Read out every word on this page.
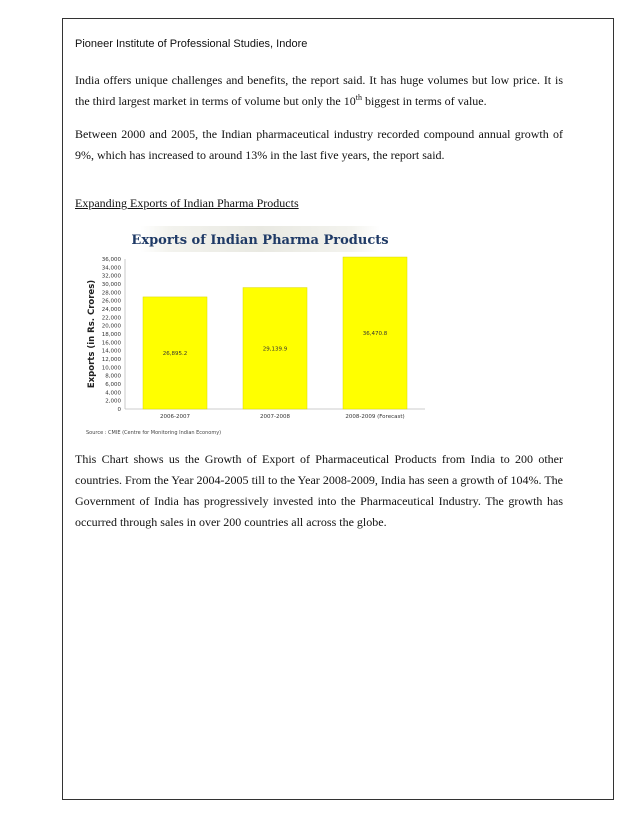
Pioneer Institute of Professional Studies, Indore

India offers unique challenges and benefits, the report said. It has huge volumes but low price. It is the third largest market in terms of volume but only the 10th biggest in terms of value.

Between 2000 and 2005, the Indian pharmaceutical industry recorded compound annual growth of 9%, which has increased to around 13% in the last five years, the report said.

Expanding Exports of Indian Pharma Products
Exports of Indian Pharma Products
Exports (in Rs. Crores)
0
2,000
4,000
6,000
8,000
10,000
12,000
14,000
16,000
18,000
20,000
22,000
24,000
26,000
28,000
30,000
32,000
34,000
36,000
26,895.2
29,139.9
36,470.8
2006-2007	2007-2008	2008-2009 (Forecast)
Source : CMIE (Centre for Monitoring Indian Economy)

This Chart shows us the Growth of Export of Pharmaceutical Products from India to 200 other countries. From the Year 2004-2005 till to the Year 2008-2009, India has seen a growth of 104%. The Government of India has progressively invested into the Pharmaceutical Industry. The growth has occurred through sales in over 200 countries all across the globe.
